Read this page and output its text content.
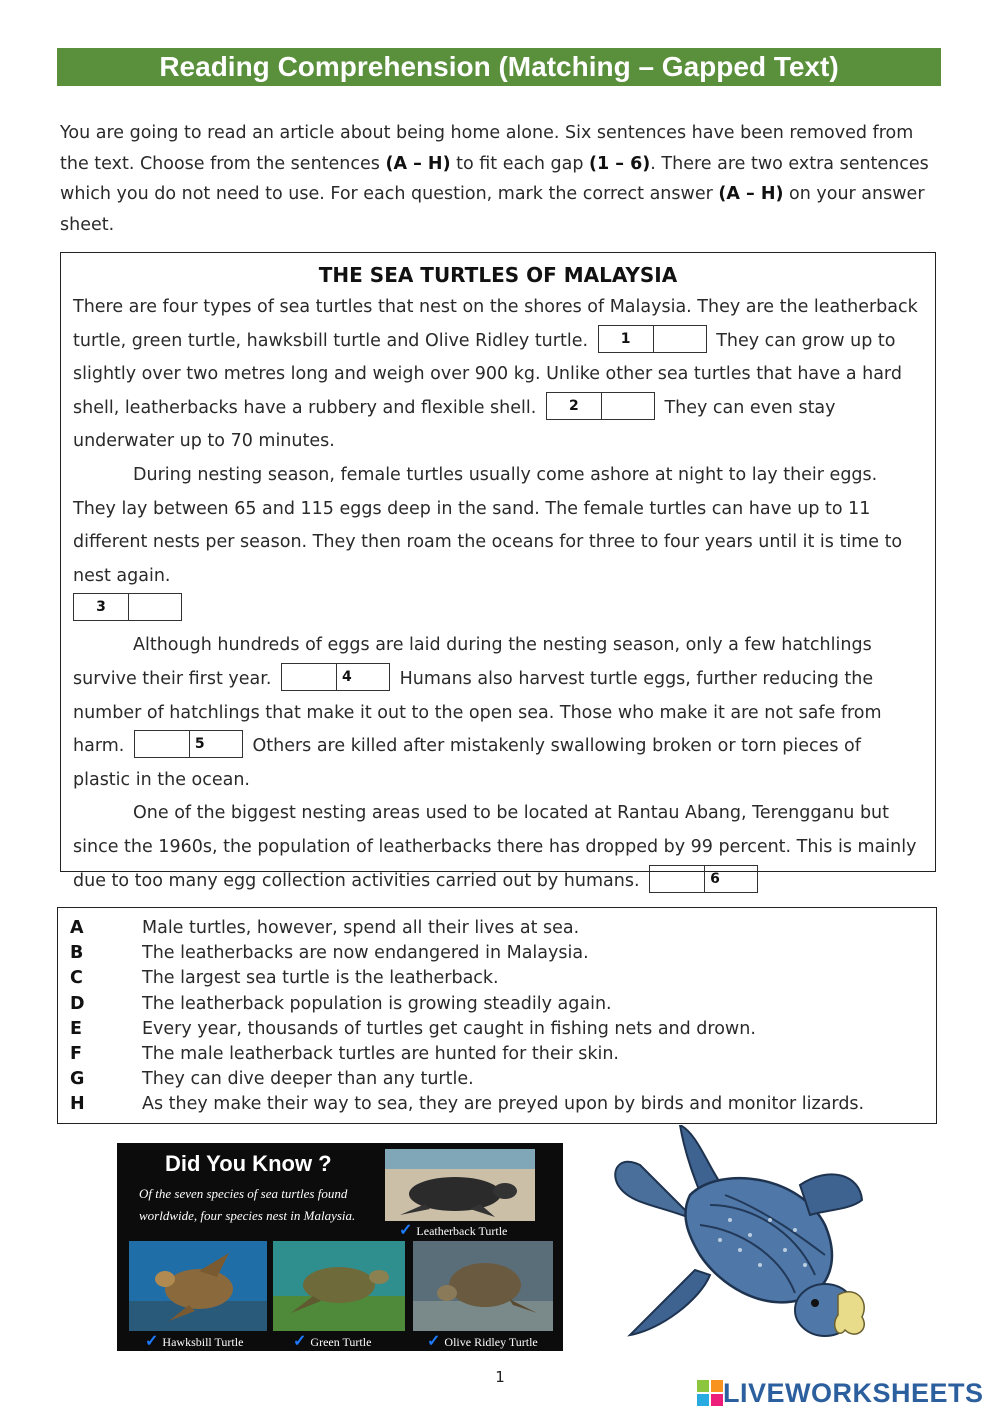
Reading Comprehension (Matching – Gapped Text)
You are going to read an article about being home alone. Six sentences have been removed from the text. Choose from the sentences (A – H) to fit each gap (1 – 6). There are two extra sentences which you do not need to use. For each question, mark the correct answer (A – H) on your answer sheet.
THE SEA TURTLES OF MALAYSIA

There are four types of sea turtles that nest on the shores of Malaysia. They are the leatherback turtle, green turtle, hawksbill turtle and Olive Ridley turtle.	1	They can grow up to slightly over two metres long and weigh over 900 kg. Unlike other sea turtles that have a hard shell, leatherbacks have a rubbery and flexible shell.	2	They can even stay underwater up to 70 minutes.

During nesting season, female turtles usually come ashore at night to lay their eggs. They lay between 65 and 115 eggs deep in the sand. The female turtles can have up to 11 different nests per season. They then roam the oceans for three to four years until it is time to nest again.

3

Although hundreds of eggs are laid during the nesting season, only a few hatchlings survive their first year.	4	Humans also harvest turtle eggs, further reducing the number of hatchlings that make it out to the open sea. Those who make it are not safe from harm.	5	Others are killed after mistakenly swallowing broken or torn pieces of plastic in the ocean.

One of the biggest nesting areas used to be located at Rantau Abang, Terengganu but since the 1960s, the population of leatherbacks there has dropped by 99 percent. This is mainly due to too many egg collection activities carried out by humans.	6

A	Male turtles, however, spend all their lives at sea.
B	The leatherbacks are now endangered in Malaysia.
C	The largest sea turtle is the leatherback.
D	The leatherback population is growing steadily again.
E	Every year, thousands of turtles get caught in fishing nets and drown.
F	The male leatherback turtles are hunted for their skin.
G	They can dive deeper than any turtle.
H	As they make their way to sea, they are preyed upon by birds and monitor lizards.
Did You Know ?
Of the seven species of sea turtles found worldwide, four species nest in Malaysia.
✓ Leatherback Turtle
✓ Hawksbill Turtle	✓ Green Turtle	✓ Olive Ridley Turtle
1
LIVEWORKSHEETS
